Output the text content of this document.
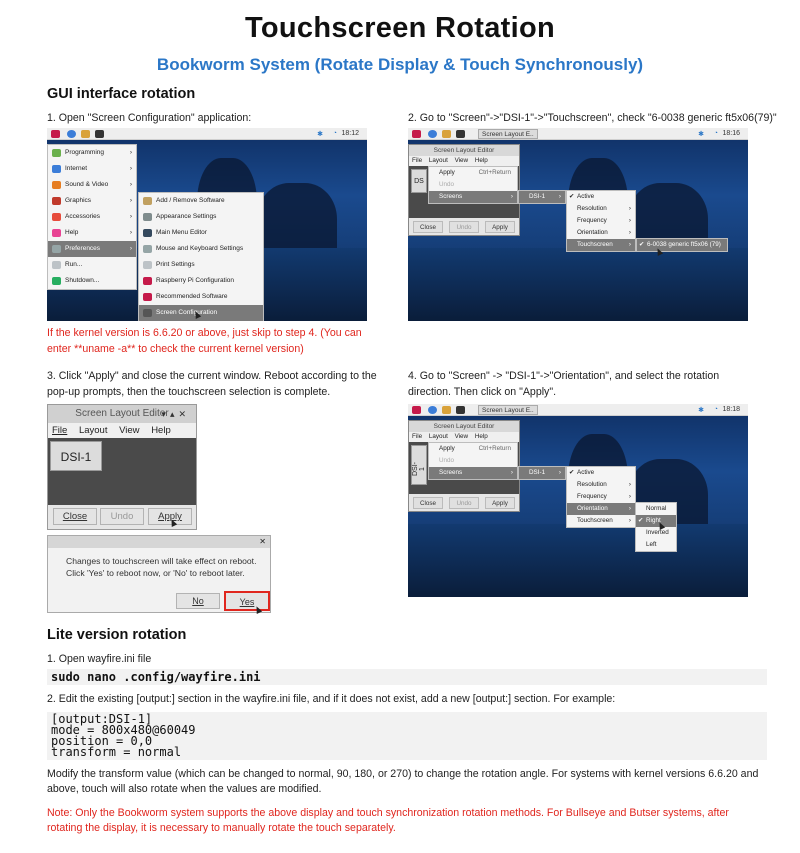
Touchscreen Rotation
Bookworm System (Rotate Display & Touch Synchronously)
GUI interface rotation
1. Open "Screen Configuration" application:	2. Go to "Screen"->"DSI-1"->"Touchscreen", check "6-0038 generic ft5x06(79)"
✱ ◔ 18:12
Programming	›
Internet	›
Sound & Video	›
Graphics	›
Accessories	›
Help	›
Preferences	›
Run...
Shutdown...
Add / Remove Software
Appearance Settings
Main Menu Editor
Mouse and Keyboard Settings
Print Settings
Raspberry Pi Configuration
Recommended Software
Screen Configuration
If the kernel version is 6.6.20 or above, just skip to step 4. (You can enter **uname -a** to check the current kernel version)
Screen Layout E..	✱ ◔ 18:16
Screen Layout Editor
File Layout View Help
DS
Close	Undo	Apply
Apply	Ctrl+Return
Undo
Screens	›	DSI-1 › ✔ Active
Resolution	›
Frequency	›
Orientation	›
Touchscreen	› ✔ 6-0038 generic ft5x06 (79)
3. Click "Apply" and close the current window. Reboot according to the pop-up prompts, then the touchscreen selection is complete.
4. Go to "Screen" -> "DSI-1"->"Orientation", and select the rotation direction. Then click on "Apply".
Screen Layout Editor
▾▴✕
File Layout View Help
DSI-1
Close	Undo	Apply
✕
Changes to touchscreen will take effect on reboot.
Click 'Yes' to reboot now, or 'No' to reboot later.
No	Yes
Screen Layout E..	✱ ◔ 18:18
Screen Layout Editor
File Layout View Help
DSI-1
Close	Undo	Apply
Apply	Ctrl+Return
Undo
Screens	›	DSI-1 › ✔ Active
Resolution	›
Frequency	›
Orientation	›
Touchscreen	›
Normal
✔ Right
Inverted
Left
Lite version rotation
1. Open wayfire.ini file
sudo nano .config/wayfire.ini
2. Edit the existing [output:] section in the wayfire.ini file, and if it does not exist, add a new [output:] section. For example:
[output:DSI-1]
mode = 800x480@60049
position = 0,0
transform = normal
Modify the transform value (which can be changed to normal, 90, 180, or 270) to change the rotation angle. For systems with kernel versions 6.6.20 and above, touch will also rotate when the values are modified.
Note: Only the Bookworm system supports the above display and touch synchronization rotation methods. For Bullseye and Butser systems, after rotating the display, it is necessary to manually rotate the touch separately.
